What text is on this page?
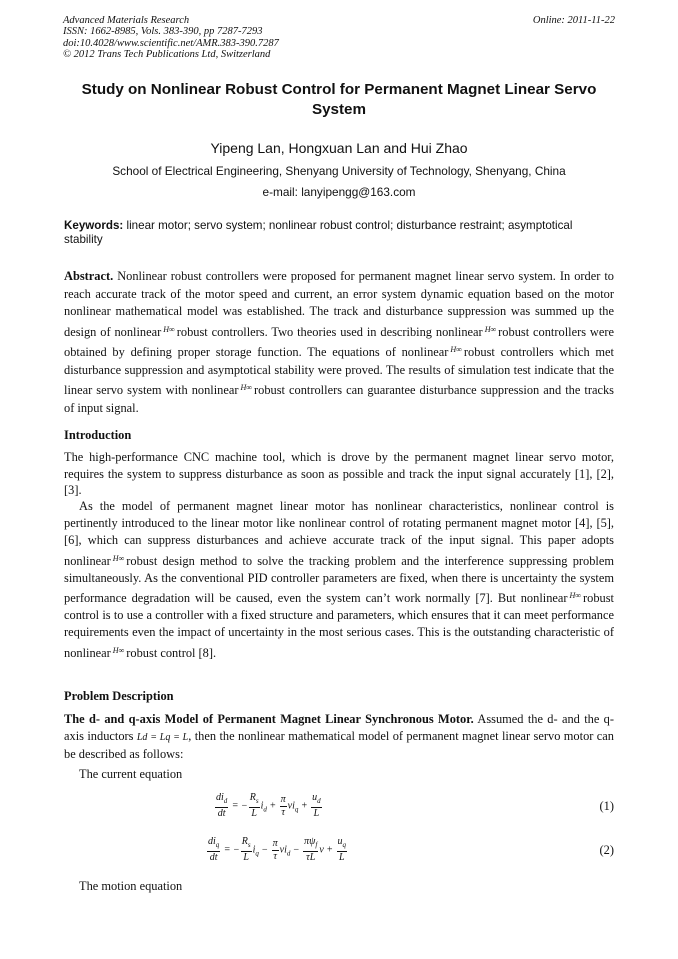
Advanced Materials Research
ISSN: 1662-8985, Vols. 383-390, pp 7287-7293
doi:10.4028/www.scientific.net/AMR.383-390.7287
© 2012 Trans Tech Publications Ltd, Switzerland
Online: 2011-11-22
Study on Nonlinear Robust Control for Permanent Magnet Linear Servo
System
Yipeng Lan, Hongxuan Lan and Hui Zhao
School of Electrical Engineering, Shenyang University of Technology, Shenyang, China
e-mail: lanyipengg@163.com
Keywords: linear motor; servo system; nonlinear robust control; disturbance restraint; asymptotical stability
Abstract. Nonlinear robust controllers were proposed for permanent magnet linear servo system. In order to reach accurate track of the motor speed and current, an error system dynamic equation based on the motor nonlinear mathematical model was established. The track and disturbance suppression was summed up the design of nonlinear $^{H\infty}$ robust controllers. Two theories used in describing nonlinear $^{H\infty}$ robust controllers were obtained by defining proper storage function. The equations of nonlinear $^{H\infty}$ robust controllers which met disturbance suppression and asymptotical stability were proved. The results of simulation test indicate that the linear servo system with nonlinear $^{H\infty}$ robust controllers can guarantee disturbance suppression and the tracks of input signal.
Introduction
The high-performance CNC machine tool, which is drove by the permanent magnet linear servo motor, requires the system to suppress disturbance as soon as possible and track the input signal accurately [1], [2], [3].
As the model of permanent magnet linear motor has nonlinear characteristics, nonlinear control is pertinently introduced to the linear motor like nonlinear control of rotating permanent magnet motor [4], [5], [6], which can suppress disturbances and achieve accurate track of the input signal. This paper adopts nonlinear $^{H\infty}$ robust design method to solve the tracking problem and the interference suppressing problem simultaneously. As the conventional PID controller parameters are fixed, when there is uncertainty the system performance degradation will be caused, even the system can’t work normally [7]. But nonlinear $^{H\infty}$ robust control is to use a controller with a fixed structure and parameters, which ensures that it can meet performance requirements even the impact of uncertainty in the most serious cases. This is the outstanding characteristic of nonlinear $^{H\infty}$ robust control [8].
Problem Description
The d- and q-axis Model of Permanent Magnet Linear Synchronous Motor. Assumed the d- and the q-axis inductors Ld = Lq = L, then the nonlinear mathematical model of permanent magnet linear servo motor can be described as follows:
The current equation
$\frac{di_d}{dt}$ = − $\frac{R_s}{L} i_d + \frac{\pi}{\tau} vi_q + \frac{u_d}{L}$	(1)
$\frac{di_q}{dt}$ = − $\frac{R_s}{L} i_q - \frac{\pi}{\tau} vi_d - \frac{\pi\psi_f}{\tau L}$ $v + \frac{u_q}{L}$	(2)
The motion equation
